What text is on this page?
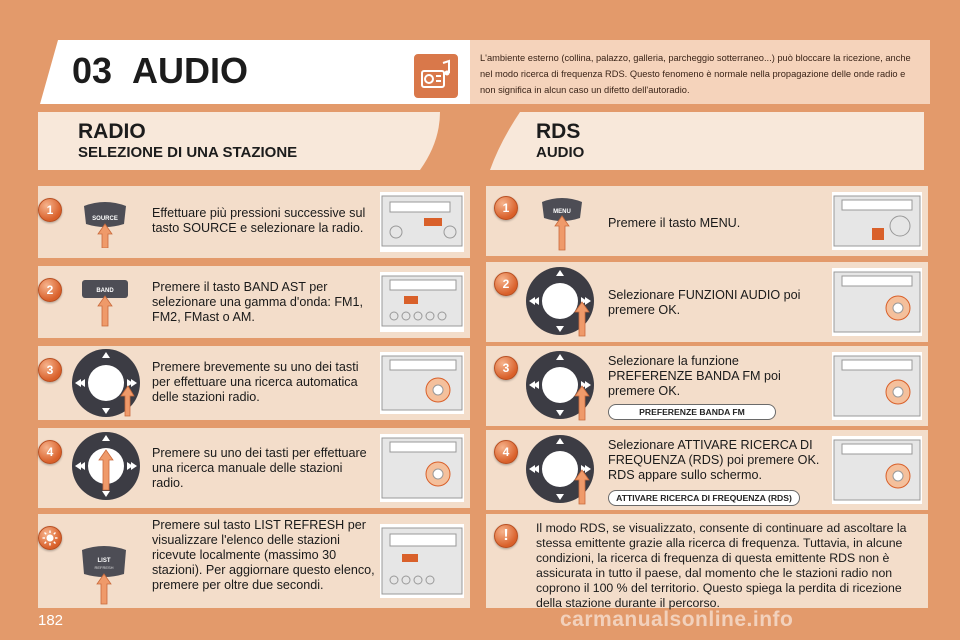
03 AUDIO	L'ambiente esterno (collina, palazzo, galleria, parcheggio sotterraneo...) può bloccare la ricezione, anche nel modo ricerca di frequenza RDS. Questo fenomeno è normale nella propagazione delle onde radio e non significa in alcun caso un difetto dell'autoradio.
RADIO
SELEZIONE DI UNA STAZIONE
RDS
AUDIO
1
SOURCE	Effettuare più pressioni successive sul tasto SOURCE e selezionare la radio.
2	BAND	Premere il tasto BAND AST per selezionare una gamma d'onda: FM1, FM2, FMast o AM.
3	Premere brevemente su uno dei tasti per effettuare una ricerca automatica delle stazioni radio.
4	Premere su uno dei tasti per effettuare una ricerca manuale delle stazioni radio.
LIST
REFRESH
Premere sul tasto LIST REFRESH per visualizzare l'elenco delle stazioni ricevute localmente (massimo 30 stazioni). Per aggiornare questo elenco, premere per oltre due secondi.
1	MENU
Premere il tasto MENU.
2
Selezionare FUNZIONI AUDIO poi premere OK.
3	Selezionare la funzione PREFERENZE BANDA FM poi premere OK.
PREFERENZE BANDA FM
4	Selezionare ATTIVARE RICERCA DI FREQUENZA (RDS) poi premere OK. RDS appare sullo schermo.
ATTIVARE RICERCA DI FREQUENZA (RDS)
!	Il modo RDS, se visualizzato, consente di continuare ad ascoltare la stessa emittente grazie alla ricerca di frequenza. Tuttavia, in alcune condizioni, la ricerca di frequenza di questa emittente RDS non è assicurata in tutto il paese, dal momento che le stazioni radio non coprono il 100 % del territorio. Questo spiega la perdita di ricezione della stazione durante il percorso.
182	carmanualsonline.info
